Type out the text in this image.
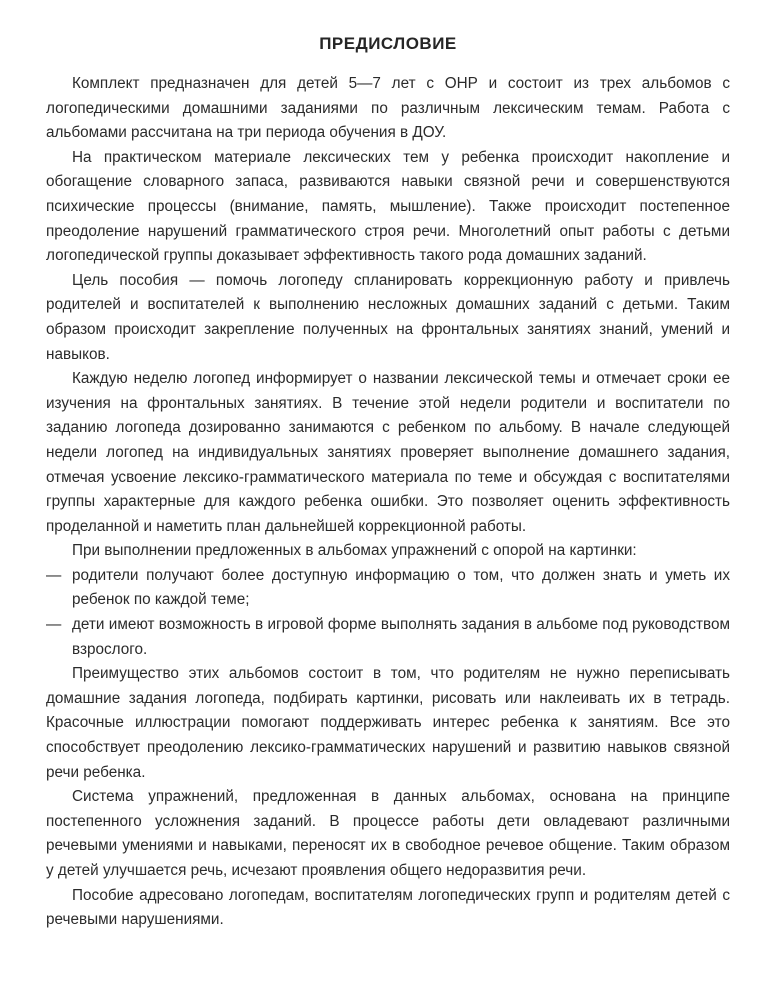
ПРЕДИСЛОВИЕ

Комплект предназначен для детей 5—7 лет с ОНР и состоит из трех альбомов с логопедическими домашними заданиями по различным лексическим темам. Работа с альбомами рассчитана на три периода обучения в ДОУ.

На практическом материале лексических тем у ребенка происходит накопление и обогащение словарного запаса, развиваются навыки связной речи и совершенствуются психические процессы (внимание, память, мышление). Также происходит постепенное преодоление нарушений грамматического строя речи. Многолетний опыт работы с детьми логопедической группы доказывает эффективность такого рода домашних заданий.

Цель пособия — помочь логопеду спланировать коррекционную работу и привлечь родителей и воспитателей к выполнению несложных домашних заданий с детьми. Таким образом происходит закрепление полученных на фронтальных занятиях знаний, умений и навыков.

Каждую неделю логопед информирует о названии лексической темы и отмечает сроки ее изучения на фронтальных занятиях. В течение этой недели родители и воспитатели по заданию логопеда дозированно занимаются с ребенком по альбому. В начале следующей недели логопед на индивидуальных занятиях проверяет выполнение домашнего задания, отмечая усвоение лексико-грамматического материала по теме и обсуждая с воспитателями группы характерные для каждого ребенка ошибки. Это позволяет оценить эффективность проделанной и наметить план дальнейшей коррекционной работы.

При выполнении предложенных в альбомах упражнений с опорой на картинки:

— родители получают более доступную информацию о том, что должен знать и уметь их ребенок по каждой теме;
— дети имеют возможность в игровой форме выполнять задания в альбоме под руководством взрослого.

Преимущество этих альбомов состоит в том, что родителям не нужно переписывать домашние задания логопеда, подбирать картинки, рисовать или наклеивать их в тетрадь. Красочные иллюстрации помогают поддерживать интерес ребенка к занятиям. Все это способствует преодолению лексико-грамматических нарушений и развитию навыков связной речи ребенка.

Система упражнений, предложенная в данных альбомах, основана на принципе постепенного усложнения заданий. В процессе работы дети овладевают различными речевыми умениями и навыками, переносят их в свободное речевое общение. Таким образом у детей улучшается речь, исчезают проявления общего недоразвития речи.

Пособие адресовано логопедам, воспитателям логопедических групп и родителям детей с речевыми нарушениями.
